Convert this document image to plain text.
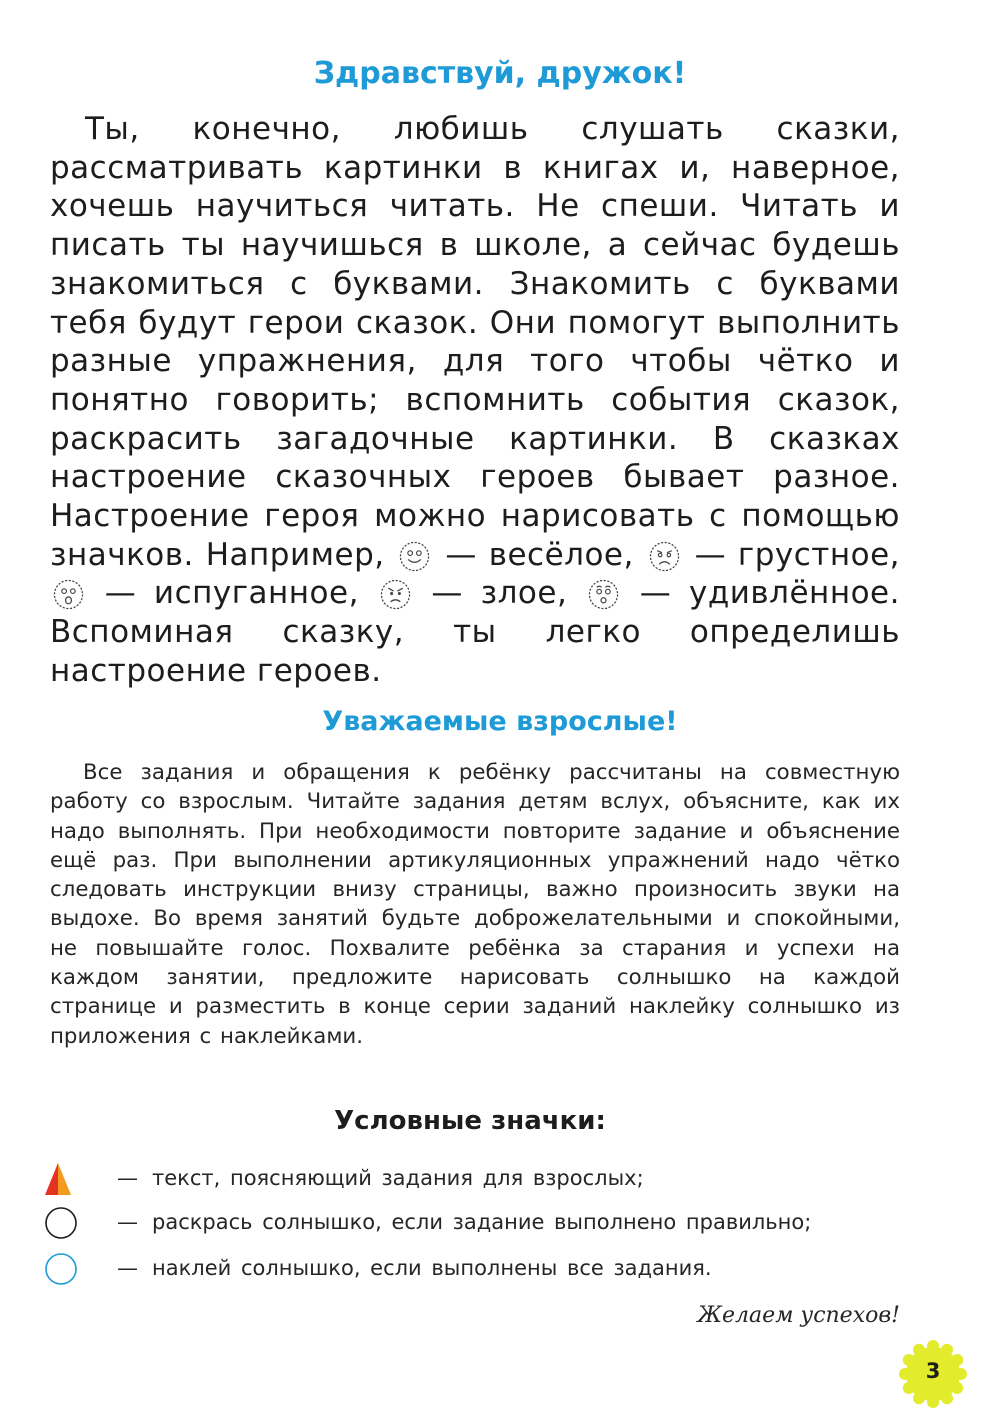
Здравствуй, дружок!

Ты, конечно, любишь слушать сказки, рассматривать картинки в книгах и, наверное, хочешь научиться читать. Не спеши. Читать и писать ты научишься в школе, а сейчас будешь знакомиться с буквами. Знакомить с буквами тебя будут герои сказок. Они помогут выполнить разные упражнения, для того чтобы чётко и понятно говорить; вспомнить события сказок, раскрасить загадочные картинки. В сказках настроение сказочных героев бывает разное. Настроение героя можно нарисовать с помощью значков. Например, — весёлое, — грустное,
— испуганное, — злое, — удивлённое. Вспоминая сказку, ты легко определишь настроение героев.

Уважаемые взрослые!

Все задания и обращения к ребёнку рассчитаны на совместную работу со взрослым. Читайте задания детям вслух, объясните, как их надо выполнять. При необходимости повторите задание и объяснение ещё раз. При выполнении артикуляционных упражнений надо чётко следовать инструкции внизу страницы, важно произносить звуки на выдохе. Во время занятий будьте доброжелательными и спокойными, не повышайте голос. Похвалите ребёнка за старания и успехи на каждом занятии, предложите нарисовать солнышко на каждой странице и разместить в конце серии заданий наклейку солнышко из приложения с наклейками.

Условные значки:
— текст, поясняющий задания для взрослых;
— раскрась солнышко, если задание выполнено правильно;
— наклей солнышко, если выполнены все задания.
Желаем успехов!
3
